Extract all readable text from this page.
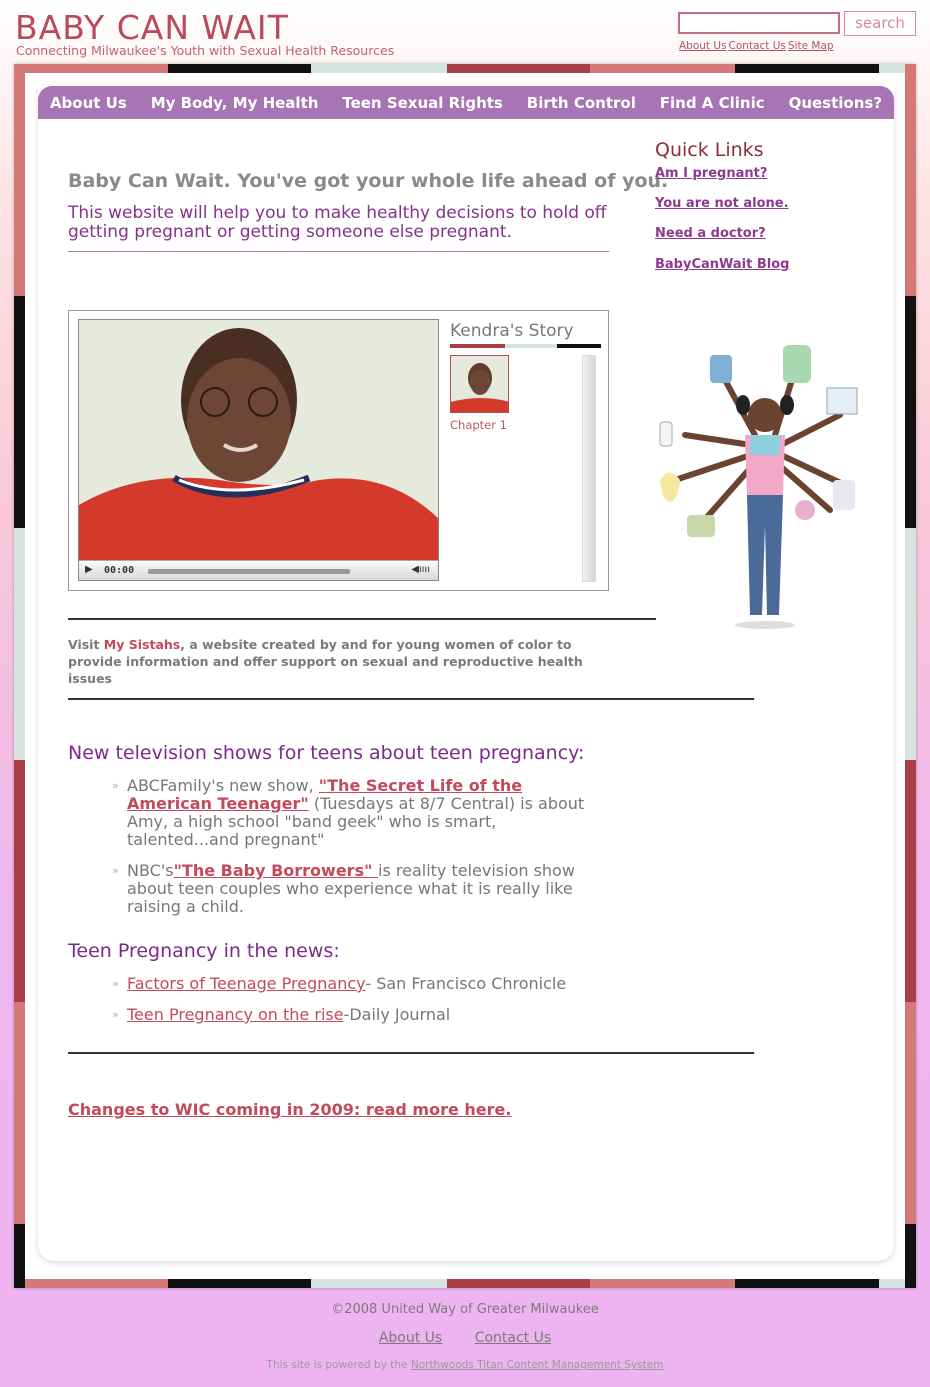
BABY CAN WAIT
Connecting Milwaukee's Youth with Sexual Health Resources
search
About Us Contact Us Site Map
About Us My Body, My Health Teen Sexual Rights Birth Control Find A Clinic Questions?
Baby Can Wait. You've got your whole life ahead of you.
This website will help you to make healthy decisions to hold off getting pregnant or getting someone else pregnant.
Quick Links
Am I pregnant?
You are not alone.
Need a doctor?
BabyCanWait Blog
▶ 00:00	◀ıııı
Kendra's Story
Chapter 1
Visit My Sistahs, a website created by and for young women of color to provide information and offer support on sexual and reproductive health issues
New television shows for teens about teen pregnancy:
» ABCFamily's new show, "The Secret Life of the American Teenager" (Tuesdays at 8/7 Central) is about Amy, a high school "band geek" who is smart, talented...and pregnant"
» NBC's"The Baby Borrowers" is reality television show about teen couples who experience what it is really like raising a child.
Teen Pregnancy in the news:
» Factors of Teenage Pregnancy- San Francisco Chronicle
» Teen Pregnancy on the rise-Daily Journal
Changes to WIC coming in 2009: read more here.
©2008 United Way of Greater Milwaukee
About Us Contact Us
This site is powered by the Northwoods Titan Content Management System
